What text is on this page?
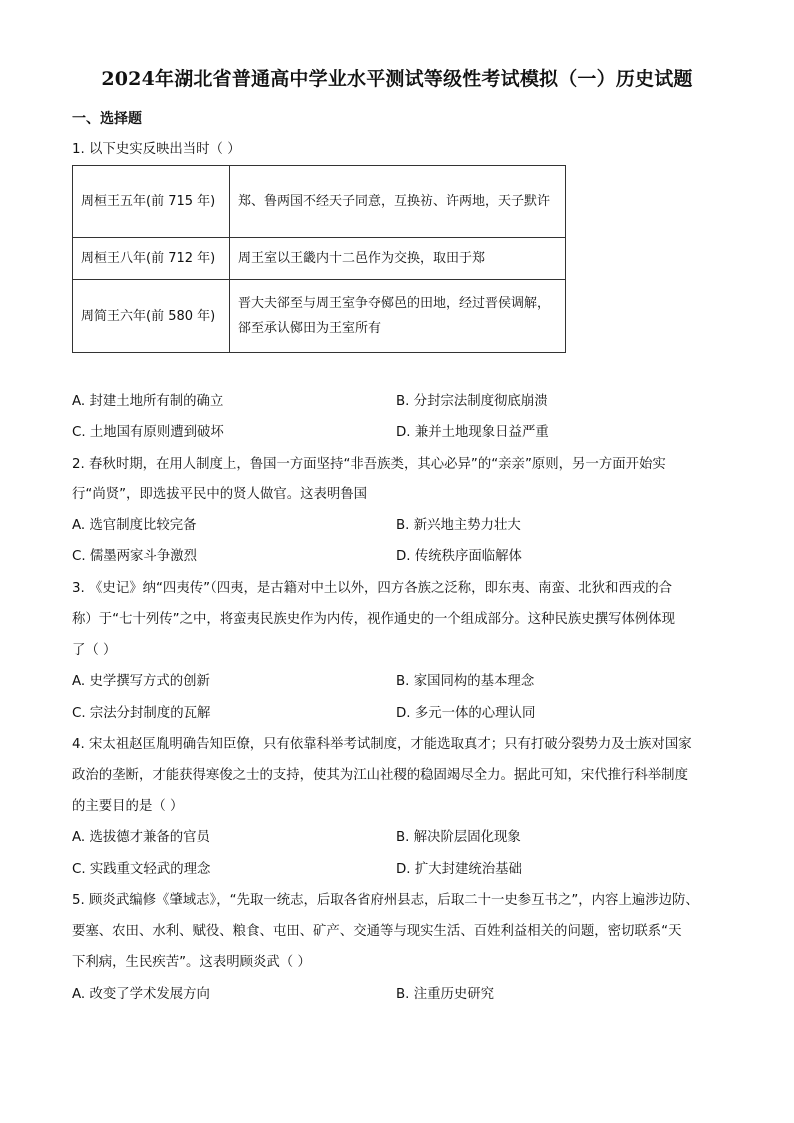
2024年湖北省普通高中学业水平测试等级性考试模拟（一）历史试题
一、选择题
1. 以下史实反映出当时（ ）
周桓王五年(前 715 年)	郑、鲁两国不经天子同意，互换祊、许两地，天子默许
周桓王八年(前 712 年)	周王室以王畿内十二邑作为交换，取田于郑
周简王六年(前 580 年)	晋大夫郤至与周王室争夺鄇邑的田地，经过晋侯调解，郤至承认鄇田为王室所有
A. 封建土地所有制的确立	B. 分封宗法制度彻底崩溃
C. 土地国有原则遭到破坏	D. 兼并土地现象日益严重
2. 春秋时期，在用人制度上，鲁国一方面坚持“非吾族类，其心必异”的“亲亲”原则，另一方面开始实
行“尚贤”，即选拔平民中的贤人做官。这表明鲁国
A. 选官制度比较完备	B. 新兴地主势力壮大
C. 儒墨两家斗争激烈	D. 传统秩序面临解体
3. 《史记》纳“四夷传”（四夷，是古籍对中土以外，四方各族之泛称，即东夷、南蛮、北狄和西戎的合
称）于“七十列传”之中，将蛮夷民族史作为内传，视作通史的一个组成部分。这种民族史撰写体例体现
了（ ）
A. 史学撰写方式的创新	B. 家国同构的基本理念
C. 宗法分封制度的瓦解	D. 多元一体的心理认同
4. 宋太祖赵匡胤明确告知臣僚，只有依靠科举考试制度，才能选取真才；只有打破分裂势力及士族对国家
政治的垄断，才能获得寒俊之士的支持，使其为江山社稷的稳固竭尽全力。据此可知，宋代推行科举制度
的主要目的是（ ）
A. 选拔德才兼备的官员	B. 解决阶层固化现象
C. 实践重文轻武的理念	D. 扩大封建统治基础
5. 顾炎武编修《肇域志》，“先取一统志，后取各省府州县志，后取二十一史参互书之”，内容上遍涉边防、
要塞、农田、水利、赋役、粮食、屯田、矿产、交通等与现实生活、百姓利益相关的问题，密切联系“天
下利病，生民疾苦”。这表明顾炎武（ ）
A. 改变了学术发展方向	B. 注重历史研究
